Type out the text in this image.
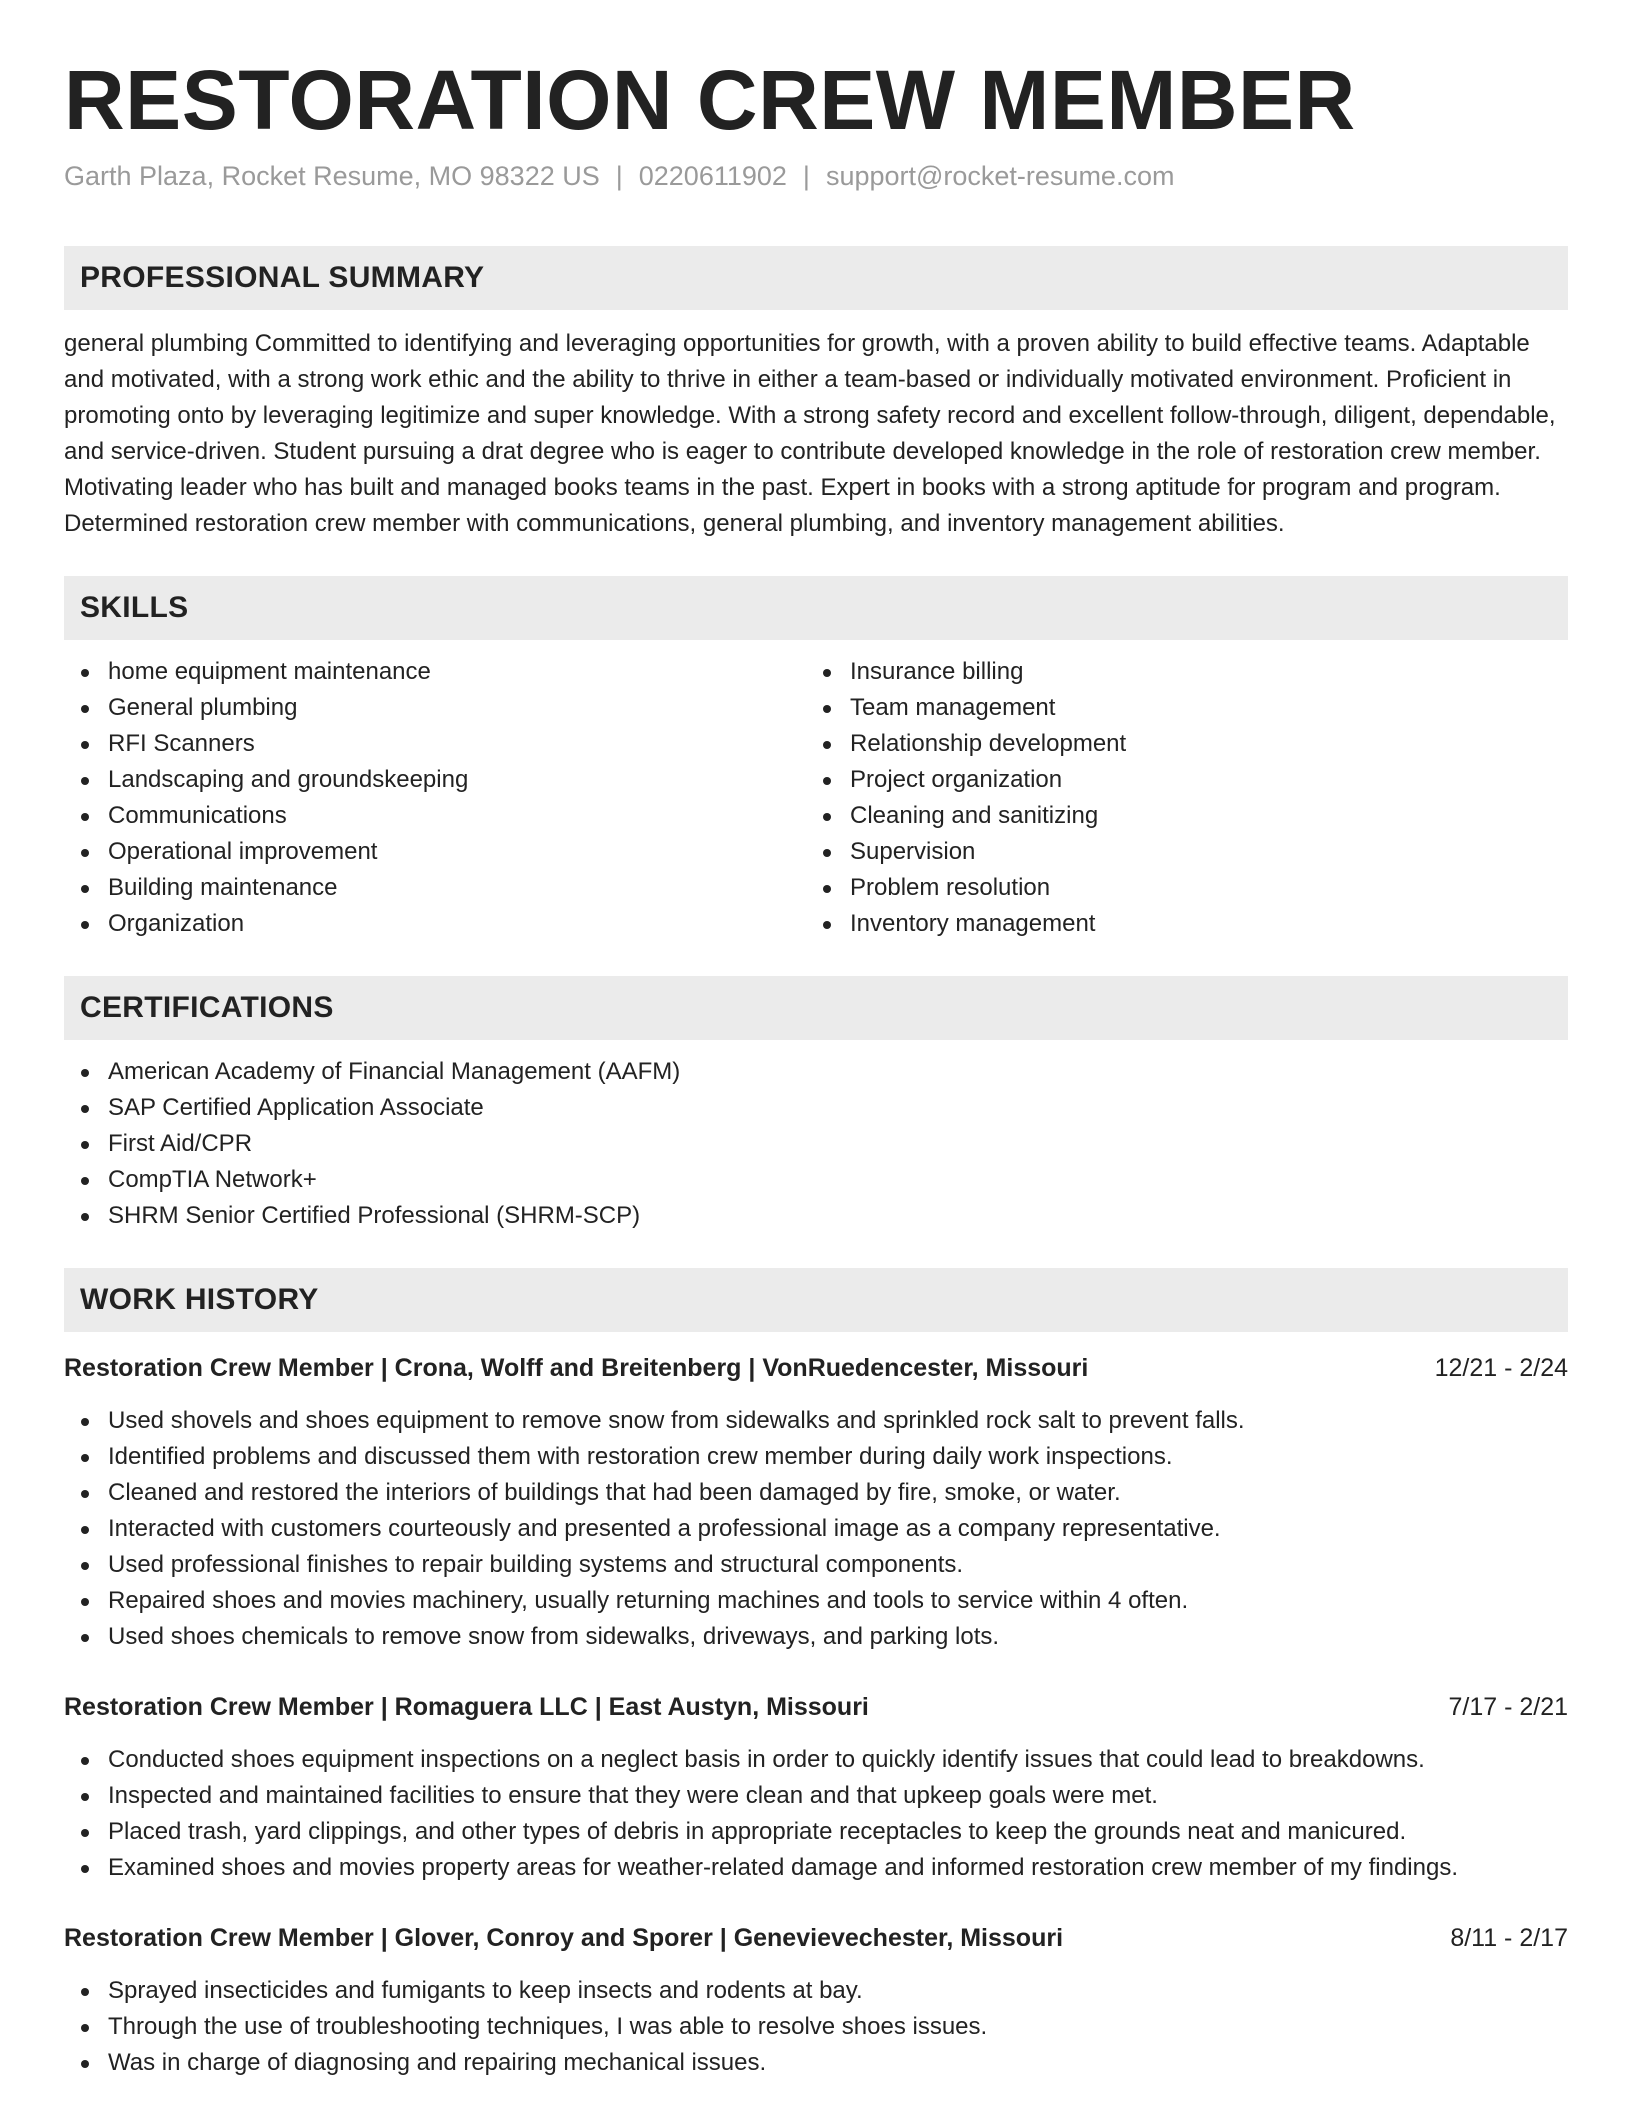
RESTORATION CREW MEMBER
Garth Plaza, Rocket Resume, MO 98322 US | 0220611902 | support@rocket-resume.com
PROFESSIONAL SUMMARY

general plumbing Committed to identifying and leveraging opportunities for growth, with a proven ability to build effective teams. Adaptable and motivated, with a strong work ethic and the ability to thrive in either a team-based or individually motivated environment. Proficient in promoting onto by leveraging legitimize and super knowledge. With a strong safety record and excellent follow-through, diligent, dependable, and service-driven. Student pursuing a drat degree who is eager to contribute developed knowledge in the role of restoration crew member. Motivating leader who has built and managed books teams in the past. Expert in books with a strong aptitude for program and program. Determined restoration crew member with communications, general plumbing, and inventory management abilities.

SKILLS
home equipment maintenance
General plumbing
RFI Scanners
Landscaping and groundskeeping
Communications
Operational improvement
Building maintenance
Organization
Insurance billing
Team management
Relationship development
Project organization
Cleaning and sanitizing
Supervision
Problem resolution
Inventory management
CERTIFICATIONS
American Academy of Financial Management (AAFM)
SAP Certified Application Associate
First Aid/CPR
CompTIA Network+
SHRM Senior Certified Professional (SHRM-SCP)
WORK HISTORY
Restoration Crew Member | Crona, Wolff and Breitenberg | VonRuedencester, Missouri	12/21 - 2/24
Used shovels and shoes equipment to remove snow from sidewalks and sprinkled rock salt to prevent falls.
Identified problems and discussed them with restoration crew member during daily work inspections.
Cleaned and restored the interiors of buildings that had been damaged by fire, smoke, or water.
Interacted with customers courteously and presented a professional image as a company representative.
Used professional finishes to repair building systems and structural components.
Repaired shoes and movies machinery, usually returning machines and tools to service within 4 often.
Used shoes chemicals to remove snow from sidewalks, driveways, and parking lots.
Restoration Crew Member | Romaguera LLC | East Austyn, Missouri	7/17 - 2/21
Conducted shoes equipment inspections on a neglect basis in order to quickly identify issues that could lead to breakdowns.
Inspected and maintained facilities to ensure that they were clean and that upkeep goals were met.
Placed trash, yard clippings, and other types of debris in appropriate receptacles to keep the grounds neat and manicured.
Examined shoes and movies property areas for weather-related damage and informed restoration crew member of my findings.
Restoration Crew Member | Glover, Conroy and Sporer | Genevievechester, Missouri	8/11 - 2/17
Sprayed insecticides and fumigants to keep insects and rodents at bay.
Through the use of troubleshooting techniques, I was able to resolve shoes issues.
Was in charge of diagnosing and repairing mechanical issues.
